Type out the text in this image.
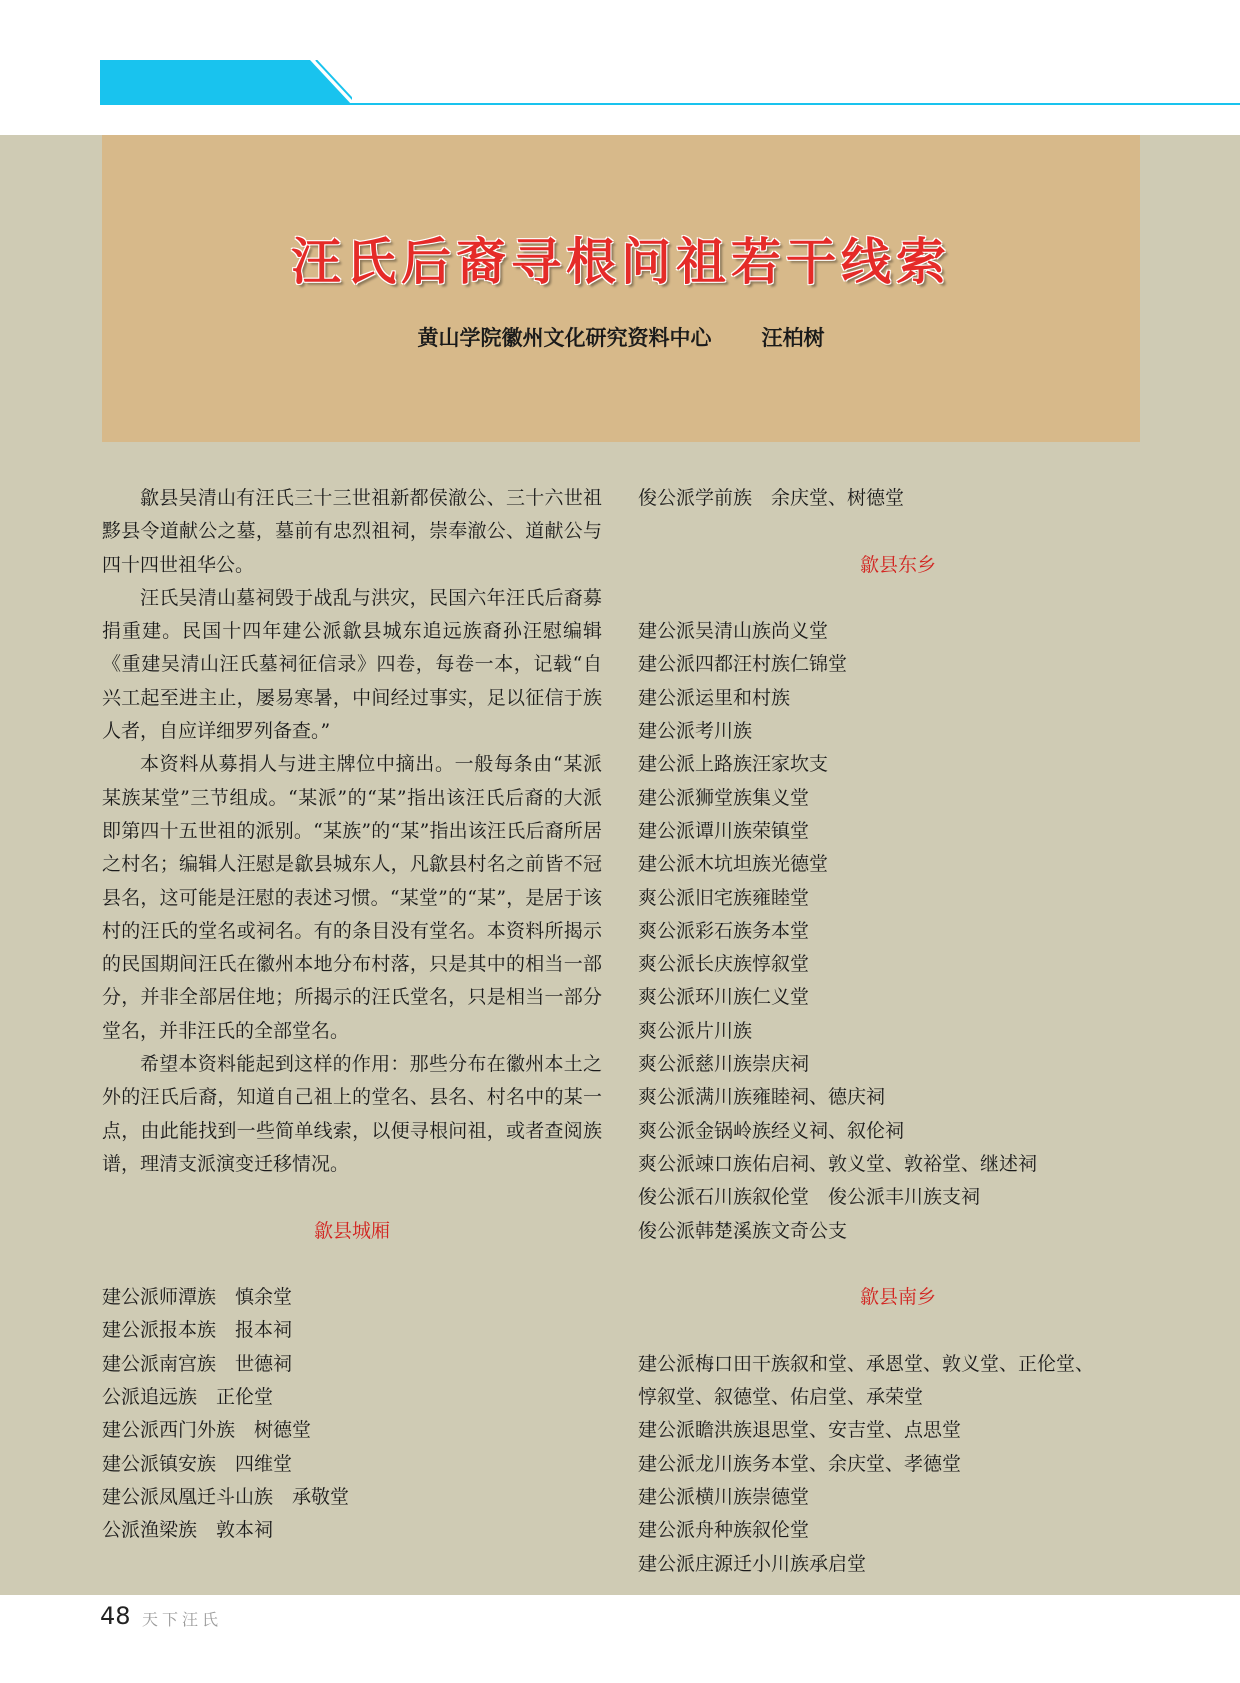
汪氏后裔寻根问祖若干线索
黄山学院徽州文化研究资料中心 汪柏树

歙县吴清山有汪氏三十三世祖新都侯澈公、三十六世祖黟县令道献公之墓，墓前有忠烈祖祠，崇奉澈公、道献公与四十四世祖华公。

汪氏吴清山墓祠毁于战乱与洪灾，民国六年汪氏后裔募捐重建。民国十四年建公派歙县城东追远族裔孙汪慰编辑《重建吴清山汪氏墓祠征信录》四卷，每卷一本，记载“自兴工起至进主止，屡易寒暑，中间经过事实，足以征信于族人者，自应详细罗列备查。”

本资料从募捐人与进主牌位中摘出。一般每条由“某派某族某堂”三节组成。“某派”的“某”指出该汪氏后裔的大派即第四十五世祖的派别。“某族”的“某”指出该汪氏后裔所居之村名；编辑人汪慰是歙县城东人，凡歙县村名之前皆不冠县名，这可能是汪慰的表述习惯。“某堂”的“某”，是居于该村的汪氏的堂名或祠名。有的条目没有堂名。本资料所揭示的民国期间汪氏在徽州本地分布村落，只是其中的相当一部分，并非全部居住地；所揭示的汪氏堂名，只是相当一部分堂名，并非汪氏的全部堂名。

希望本资料能起到这样的作用：那些分布在徽州本土之外的汪氏后裔，知道自己祖上的堂名、县名、村名中的某一点，由此能找到一些简单线索，以便寻根问祖，或者查阅族谱，理清支派演变迁移情况。

歙县城厢

建公派师潭族　慎余堂

建公派报本族　报本祠

建公派南宫族　世德祠

公派追远族　正伦堂

建公派西门外族　树德堂

建公派镇安族　四维堂

建公派凤凰迁斗山族　承敬堂

公派渔梁族　敦本祠

俊公派学前族　余庆堂、树德堂

歙县东乡

建公派吴清山族尚义堂

建公派四都汪村族仁锦堂

建公派运里和村族

建公派考川族

建公派上路族汪家坎支

建公派狮堂族集义堂

建公派谭川族荣镇堂

建公派木坑坦族光德堂

爽公派旧宅族雍睦堂

爽公派彩石族务本堂

爽公派长庆族惇叙堂

爽公派环川族仁义堂

爽公派片川族

爽公派慈川族崇庆祠

爽公派满川族雍睦祠、德庆祠

爽公派金锅岭族经义祠、叙伦祠

爽公派竦口族佑启祠、敦义堂、敦裕堂、继述祠

俊公派石川族叙伦堂　俊公派丰川族支祠

俊公派韩楚溪族文奇公支

歙县南乡

建公派梅口田干族叙和堂、承恩堂、敦义堂、正伦堂、

惇叙堂、叙德堂、佑启堂、承荣堂

建公派瞻洪族退思堂、安吉堂、点思堂

建公派龙川族务本堂、余庆堂、孝德堂

建公派横川族崇德堂

建公派舟种族叙伦堂

建公派庄源迁小川族承启堂

48 天下汪氏
